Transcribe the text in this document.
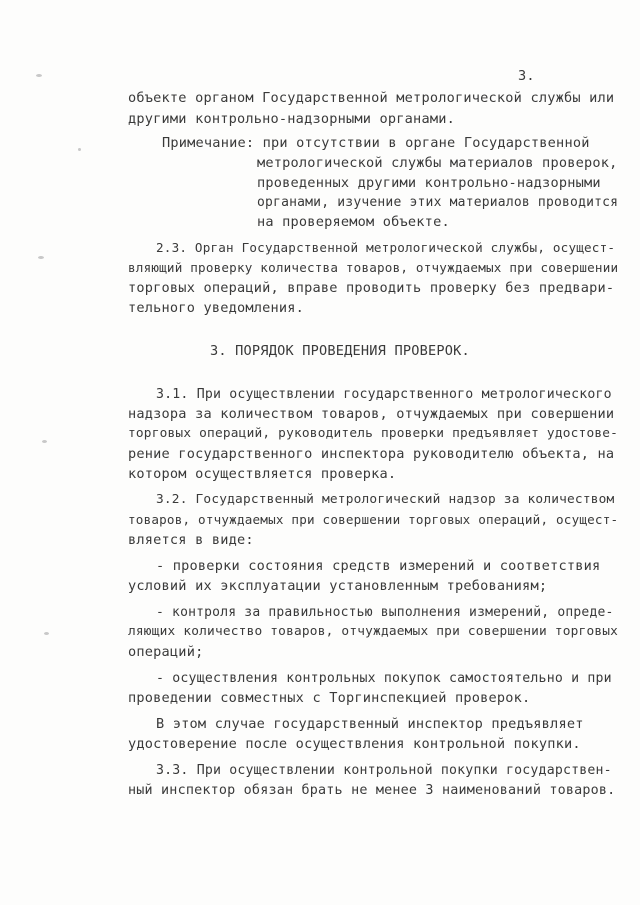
3.
объекте органом Государственной метрологической службы или
другими контрольно-надзорными органами.
Примечание: при отсутствии в органе Государственной
метрологической службы материалов проверок,
проведенных другими контрольно-надзорными
органами, изучение этих материалов проводится
на проверяемом объекте.
2.3. Орган Государственной метрологической службы, осущест-
вляющий проверку количества товаров, отчуждаемых при совершении
торговых операций, вправе проводить проверку без предвари-
тельного уведомления.
3. ПОРЯДОК ПРОВЕДЕНИЯ ПРОВЕРОК.
3.1. При осуществлении государственного метрологического
надзора за количеством товаров, отчуждаемых при совершении
торговых операций, руководитель проверки предъявляет удостове-
рение государственного инспектора руководителю объекта, на
котором осуществляется проверка.
3.2. Государственный метрологический надзор за количеством
товаров, отчуждаемых при совершении торговых операций, осущест-
вляется в виде:
- проверки состояния средств измерений и соответствия
условий их эксплуатации установленным требованиям;
- контроля за правильностью выполнения измерений, опреде-
ляющих количество товаров, отчуждаемых при совершении торговых
операций;
- осуществления контрольных покупок самостоятельно и при
проведении совместных с Торгинспекцией проверок.
В этом случае государственный инспектор предъявляет
удостоверение после осуществления контрольной покупки.
3.3. При осуществлении контрольной покупки государствен-
ный инспектор обязан брать не менее 3 наименований товаров.
